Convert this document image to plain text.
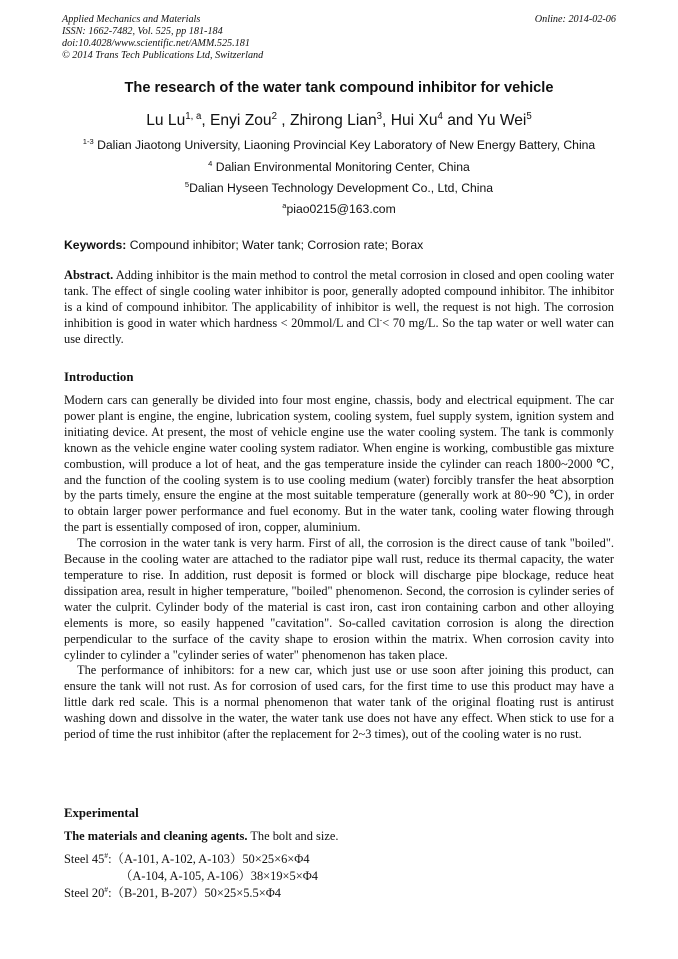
Applied Mechanics and Materials
ISSN: 1662-7482, Vol. 525, pp 181-184
doi:10.4028/www.scientific.net/AMM.525.181
© 2014 Trans Tech Publications Ltd, Switzerland
Online: 2014-02-06
The research of the water tank compound inhibitor for vehicle
Lu Lu$^{1, a}$, Enyi Zou$^2$ , Zhirong Lian$^3$, Hui Xu$^4$ and Yu Wei$^5$
$^{1-3}$ Dalian Jiaotong University, Liaoning Provincial Key Laboratory of New Energy Battery, China
$^4$ Dalian Environmental Monitoring Center, China
$^5$Dalian Hyseen Technology Development Co., Ltd, China
$^a$piao0215@163.com
Keywords: Compound inhibitor; Water tank; Corrosion rate; Borax

Abstract. Adding inhibitor is the main method to control the metal corrosion in closed and open cooling water tank. The effect of single cooling water inhibitor is poor, generally adopted compound inhibitor. The inhibitor is a kind of compound inhibitor. The applicability of inhibitor is well, the request is not high. The corrosion inhibition is good in water which hardness < 20mmol/L and Cl-< 70 mg/L. So the tap water or well water can use directly.

Introduction

Modern cars can generally be divided into four most engine, chassis, body and electrical equipment. The car power plant is engine, the engine, lubrication system, cooling system, fuel supply system, ignition system and initiating device. At present, the most of vehicle engine use the water cooling system. The tank is commonly known as the vehicle engine water cooling system radiator. When engine is working, combustible gas mixture combustion, will produce a lot of heat, and the gas temperature inside the cylinder can reach 1800~2000 ℃, and the function of the cooling system is to use cooling medium (water) forcibly transfer the heat absorption by the parts timely, ensure the engine at the most suitable temperature (generally work at 80~90 ℃), in order to obtain larger power performance and fuel economy. But in the water tank, cooling water flowing through the part is essentially composed of iron, copper, aluminium.

The corrosion in the water tank is very harm. First of all, the corrosion is the direct cause of tank "boiled". Because in the cooling water are attached to the radiator pipe wall rust, reduce its thermal capacity, the water temperature to rise. In addition, rust deposit is formed or block will discharge pipe blockage, reduce heat dissipation area, result in higher temperature, "boiled" phenomenon. Second, the corrosion is cylinder series of water the culprit. Cylinder body of the material is cast iron, cast iron containing carbon and other alloying elements is more, so easily happened "cavitation". So-called cavitation corrosion is along the direction perpendicular to the surface of the cavity shape to erosion within the matrix. When corrosion cavity into cylinder to cylinder a "cylinder series of water" phenomenon has taken place.

The performance of inhibitors: for a new car, which just use or use soon after joining this product, can ensure the tank will not rust. As for corrosion of used cars, for the first time to use this product may have a little dark red scale. This is a normal phenomenon that water tank of the original floating rust is antirust washing down and dissolve in the water, the water tank use does not have any effect. When stick to use for a period of time the rust inhibitor (after the replacement for 2~3 times), out of the cooling water is no rust.

Experimental
The materials and cleaning agents. The bolt and size.
Steel 45#:（A-101, A-102, A-103）50×25×6×Φ4
（A-104, A-105, A-106）38×19×5×Φ4
Steel 20#:（B-201, B-207）50×25×5.5×Φ4
